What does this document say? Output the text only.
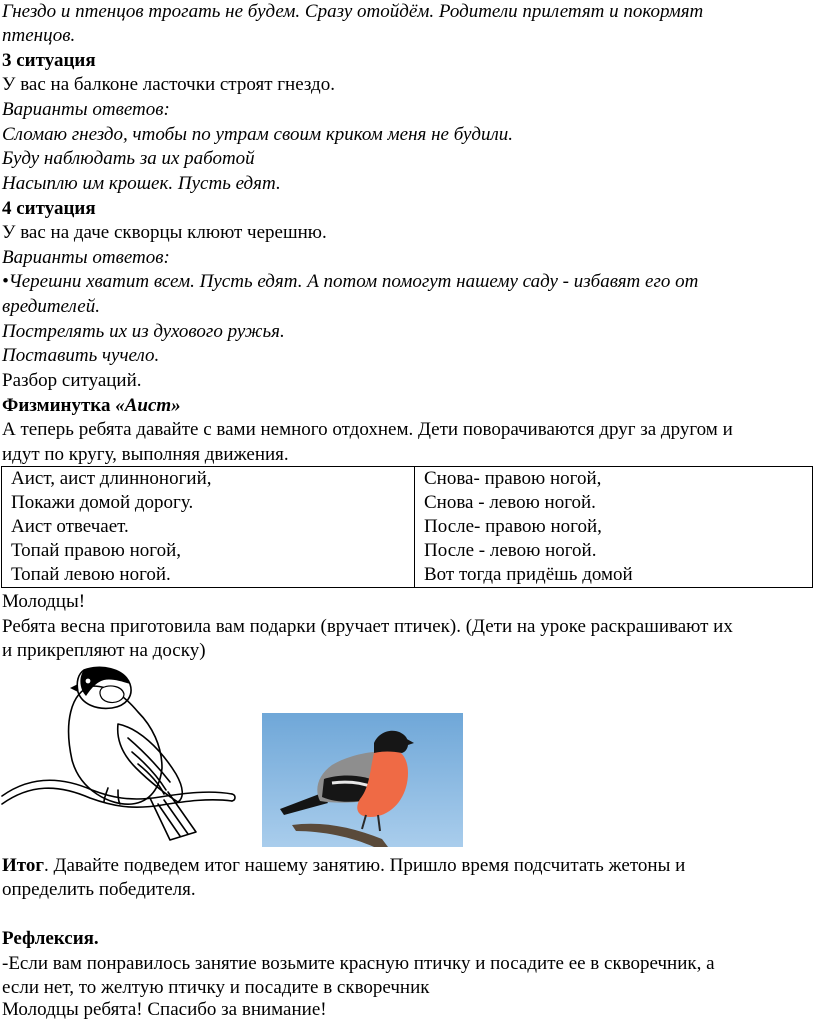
Гнездо и птенцов трогать не будем. Сразу отойдём. Родители прилетят и покормят
птенцов.
3 ситуация
У вас на балконе ласточки строят гнездо.
Варианты ответов:
Сломаю гнездо, чтобы по утрам своим криком меня не будили.
Буду наблюдать за их работой
Насыплю им крошек. Пусть едят.
4 ситуация
У вас на даче скворцы клюют черешню.
Варианты ответов:
•Черешни хватит всем. Пусть едят. А потом помогут нашему саду - избавят его от
вредителей.
Пострелять их из духового ружья.
Поставить чучело.
Разбор ситуаций.
Физминутка «Аист»
А теперь ребята давайте с вами немного отдохнем. Дети поворачиваются друг за другом и
идут по кругу, выполняя движения.
Аист, аист длинноногий,
Покажи домой дорогу.
Аист отвечает.
Топай правою ногой,
Топай левою ногой.

Снова- правою ногой,
Снова - левою ногой.
После- правою ногой,
После - левою ногой.
Вот тогда придёшь домой
Молодцы!
Ребята весна приготовила вам подарки (вручает птичек). (Дети на уроке раскрашивают их
и прикрепляют на доску)
Итог. Давайте подведем итог нашему занятию. Пришло время подсчитать жетоны и
определить победителя.
Рефлексия.
-Если вам понравилось занятие возьмите красную птичку и посадите ее в скворечник, а
если нет, то желтую птичку и посадите в скворечник
Молодцы ребята! Спасибо за внимание!
